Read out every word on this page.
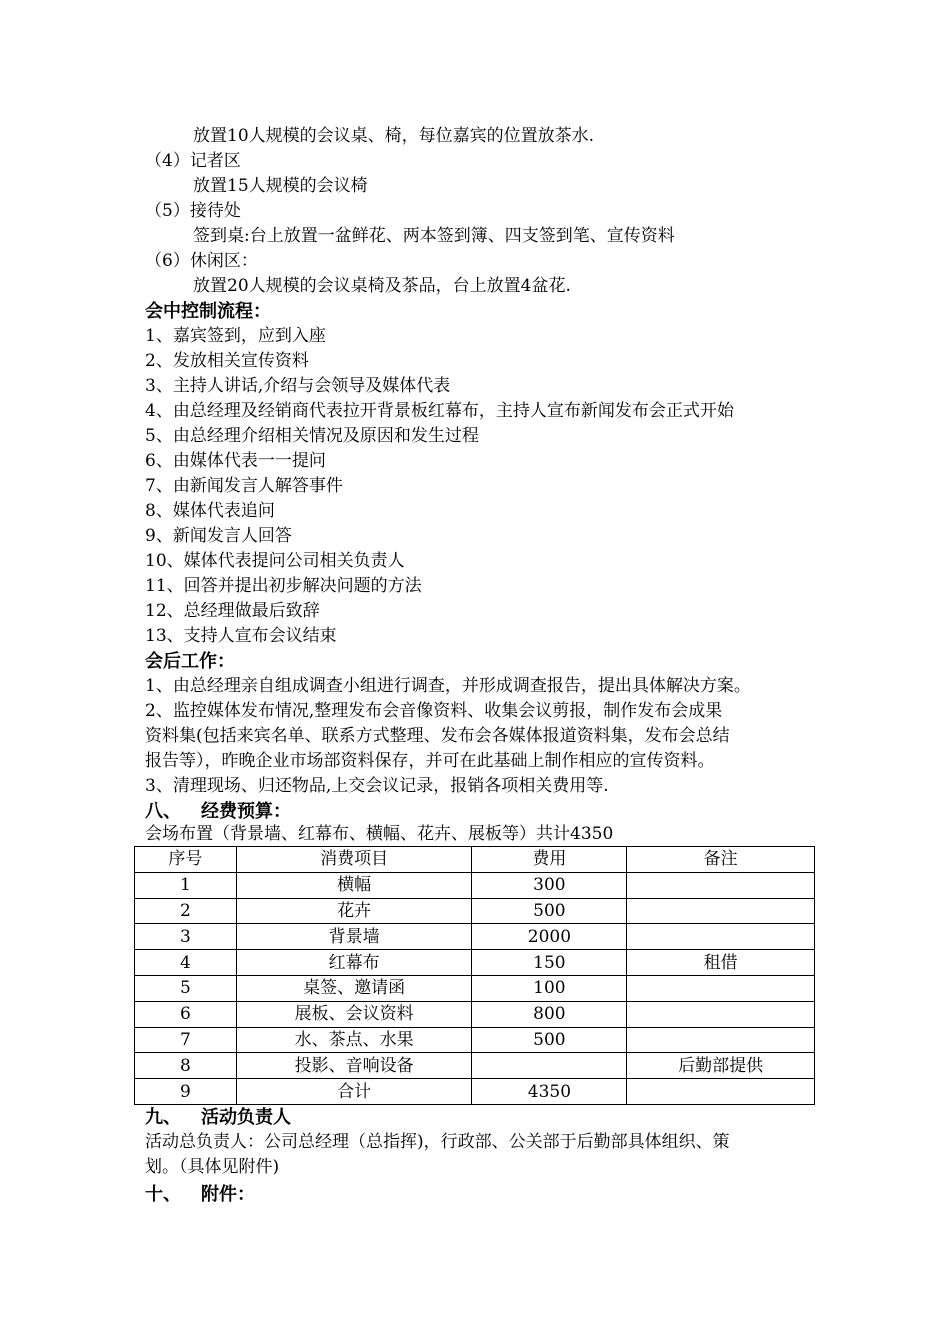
放置10人规模的会议桌、椅，每位嘉宾的位置放茶水.
（4）记者区
放置15人规模的会议椅
（5）接待处
签到桌:台上放置一盆鲜花、两本签到簿、四支签到笔、宣传资料
（6）休闲区：
放置20人规模的会议桌椅及茶品，台上放置4盆花.
会中控制流程：
1、嘉宾签到，应到入座
2、发放相关宣传资料
3、主持人讲话,介绍与会领导及媒体代表
4、由总经理及经销商代表拉开背景板红幕布，主持人宣布新闻发布会正式开始
5、由总经理介绍相关情况及原因和发生过程
6、由媒体代表一一提问
7、由新闻发言人解答事件
8、媒体代表追问
9、新闻发言人回答
10、媒体代表提问公司相关负责人
11、回答并提出初步解决问题的方法
12、总经理做最后致辞
13、支持人宣布会议结束
会后工作：
1、由总经理亲自组成调查小组进行调查，并形成调查报告，提出具体解决方案。
2、监控媒体发布情况,整理发布会音像资料、收集会议剪报，制作发布会成果
资料集(包括来宾名单、联系方式整理、发布会各媒体报道资料集，发布会总结
报告等），昨晚企业市场部资料保存，并可在此基础上制作相应的宣传资料。
3、清理现场、归还物品,上交会议记录，报销各项相关费用等.
八、 经费预算：
会场布置（背景墙、红幕布、横幅、花卉、展板等）共计4350
序号	消费项目	费用	备注
1	横幅	300	
2	花卉	500	
3	背景墙	2000	
4	红幕布	150	租借
5	桌签、邀请函	100	
6	展板、会议资料	800	
7	水、茶点、水果	500	
8	投影、音响设备		后勤部提供
9	合计	4350	
九、 活动负责人
活动总负责人：公司总经理（总指挥)，行政部、公关部于后勤部具体组织、策
划。（具体见附件)
十、 附件：
